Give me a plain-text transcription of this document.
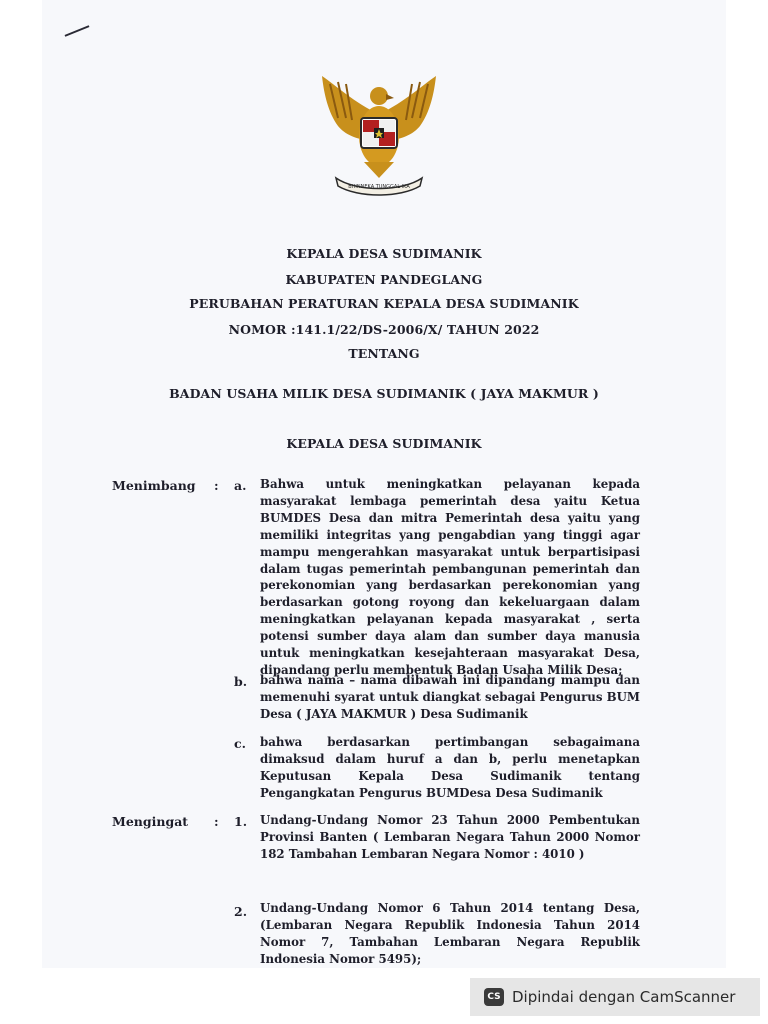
BHINNEKA TUNGGAL IKA
KEPALA DESA SUDIMANIK
KABUPATEN PANDEGLANG
PERUBAHAN PERATURAN KEPALA DESA SUDIMANIK
NOMOR :141.1/22/DS-2006/X/ TAHUN 2022
TENTANG
BADAN USAHA MILIK DESA SUDIMANIK ( JAYA MAKMUR )
KEPALA DESA SUDIMANIK
Menimbang : a. Bahwa untuk meningkatkan pelayanan kepada masyarakat lembaga pemerintah desa yaitu Ketua BUMDES Desa dan mitra Pemerintah desa yaitu yang memiliki integritas yang pengabdian yang tinggi agar mampu mengerahkan masyarakat untuk berpartisipasi dalam tugas pemerintah pembangunan pemerintah dan perekonomian yang berdasarkan perekonomian yang berdasarkan gotong royong dan kekeluargaan dalam meningkatkan pelayanan kepada masyarakat , serta potensi sumber daya alam dan sumber daya manusia untuk meningkatkan kesejahteraan masyarakat Desa, dipandang perlu membentuk Badan Usaha Milik Desa;

b. bahwa nama – nama dibawah ini dipandang mampu dan memenuhi syarat untuk diangkat sebagai Pengurus BUM Desa ( JAYA MAKMUR ) Desa Sudimanik

c. bahwa berdasarkan pertimbangan sebagaimana dimaksud dalam huruf a dan b, perlu menetapkan Keputusan Kepala Desa Sudimanik tentang Pengangkatan Pengurus BUMDesa Desa Sudimanik

Mengingat : 1. Undang-Undang Nomor 23 Tahun 2000 Pembentukan Provinsi Banten ( Lembaran Negara Tahun 2000 Nomor 182 Tambahan Lembaran Negara Nomor : 4010 )

2. Undang-Undang Nomor 6 Tahun 2014 tentang Desa, (Lembaran Negara Republik Indonesia Tahun 2014 Nomor 7, Tambahan Lembaran Negara Republik Indonesia Nomor 5495);

CS Dipindai dengan CamScanner
